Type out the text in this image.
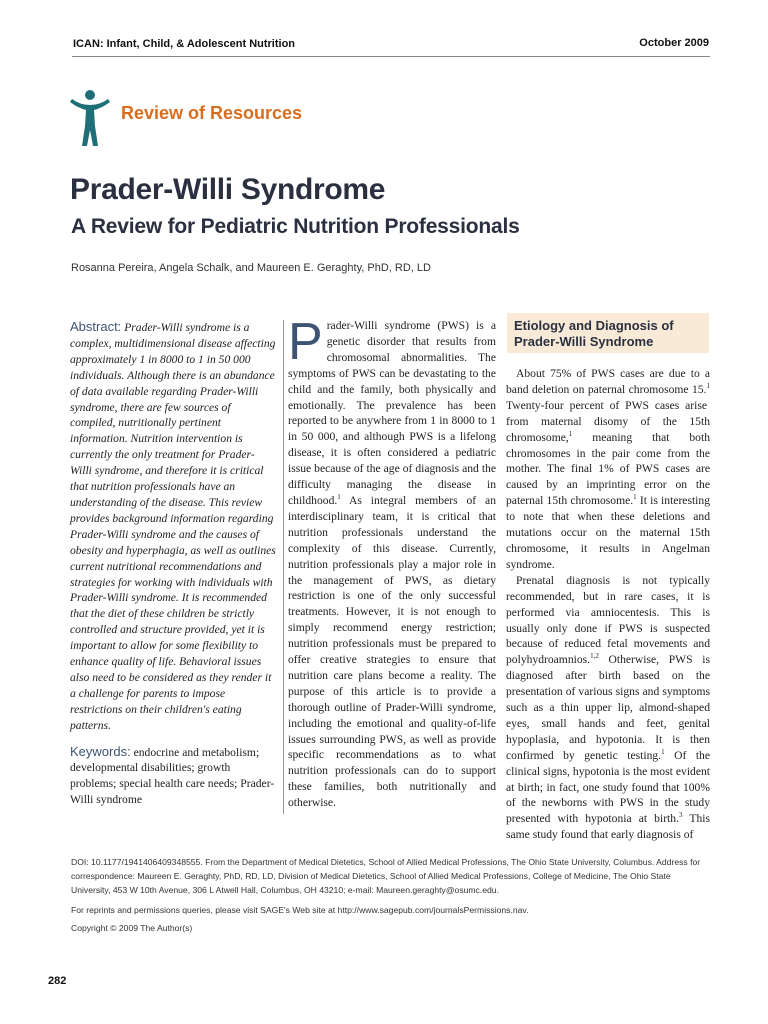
ICAN: Infant, Child, & Adolescent Nutrition	October 2009
Review of Resources
Prader-Willi Syndrome
A Review for Pediatric Nutrition Professionals
Rosanna Pereira, Angela Schalk, and Maureen E. Geraghty, PhD, RD, LD

Abstract: Prader-Willi syndrome is a complex, multidimensional disease affecting approximately 1 in 8000 to 1 in 50 000 individuals. Although there is an abundance of data available regarding Prader-Willi syndrome, there are few sources of compiled, nutritionally pertinent information. Nutrition intervention is currently the only treatment for Prader-Willi syndrome, and therefore it is critical that nutrition professionals have an understanding of the disease. This review provides background information regarding Prader-Willi syndrome and the causes of obesity and hyperphagia, as well as outlines current nutritional recommendations and strategies for working with individuals with Prader-Willi syndrome. It is recommended that the diet of these children be strictly controlled and structure provided, yet it is important to allow for some flexibility to enhance quality of life. Behavioral issues also need to be considered as they render it a challenge for parents to impose restrictions on their children's eating patterns.

Keywords: endocrine and metabolism; developmental disabilities; growth problems; special health care needs; Prader-Willi syndrome

Prader-Willi syndrome (PWS) is a genetic disorder that results from chromosomal abnormalities. The symptoms of PWS can be devastating to the child and the family, both physically and emotionally. The prevalence has been reported to be anywhere from 1 in 8000 to 1 in 50 000, and although PWS is a lifelong disease, it is often considered a pediatric issue because of the age of diagnosis and the difficulty managing the disease in childhood.$^1$ As integral members of an interdisciplinary team, it is critical that nutrition professionals understand the complexity of this disease. Currently, nutrition professionals play a major role in the management of PWS, as dietary restriction is one of the only successful treatments. However, it is not enough to simply recommend energy restriction; nutrition professionals must be prepared to offer creative strategies to ensure that nutrition care plans become a reality. The purpose of this article is to provide a thorough outline of Prader-Willi syndrome, including the emotional and quality-of-life issues surrounding PWS, as well as provide specific recommendations as to what nutrition professionals can do to support these families, both nutritionally and otherwise.

Etiology and Diagnosis of Prader-Willi Syndrome

About 75% of PWS cases are due to a band deletion on paternal chromosome 15.$^1$ Twenty-four percent of PWS cases arise from maternal disomy of the 15th chromosome,$^1$ meaning that both chromosomes in the pair come from the mother. The final 1% of PWS cases are caused by an imprinting error on the paternal 15th chromosome.$^1$ It is interesting to note that when these deletions and mutations occur on the maternal 15th chromosome, it results in Angelman syndrome.

Prenatal diagnosis is not typically recommended, but in rare cases, it is performed via amniocentesis. This is usually only done if PWS is suspected because of reduced fetal movements and polyhydroamnios.$^{1,2}$ Otherwise, PWS is diagnosed after birth based on the presentation of various signs and symptoms such as a thin upper lip, almond-shaped eyes, small hands and feet, genital hypoplasia, and hypotonia. It is then confirmed by genetic testing.$^1$ Of the clinical signs, hypotonia is the most evident at birth; in fact, one study found that 100% of the newborns with PWS in the study presented with hypotonia at birth.$^3$ This same study found that early diagnosis of

DOI: 10.1177/1941406409348555. From the Department of Medical Dietetics, School of Allied Medical Professions, The Ohio State University, Columbus. Address for correspondence: Maureen E. Geraghty, PhD, RD, LD, Division of Medical Dietetics, School of Allied Medical Professions, College of Medicine, The Ohio State University, 453 W 10th Avenue, 306 L Atwell Hall, Columbus, OH 43210; e-mail: Maureen.geraghty@osumc.edu.
For reprints and permissions queries, please visit SAGE's Web site at http://www.sagepub.com/journalsPermissions.nav.
Copyright © 2009 The Author(s)
282
